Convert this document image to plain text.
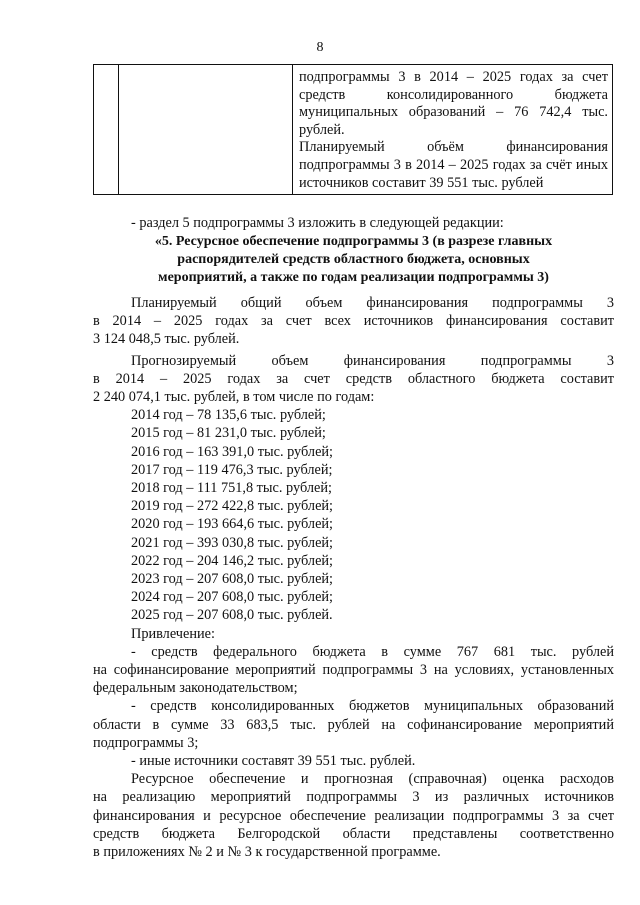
8

подпрограммы 3 в 2014 – 2025 годах за счет

средств консолидированного бюджета

муниципальных образований – 76 742,4 тыс.

рублей.

Планируемый объём финансирования

подпрограммы 3 в 2014 – 2025 годах за счёт иных

источников составит 39 551 тыс. рублей

- раздел 5 подпрограммы 3 изложить в следующей редакции:
«5. Ресурсное обеспечение подпрограммы 3 (в разрезе главных
распорядителей средств областного бюджета, основных
мероприятий, а также по годам реализации подпрограммы 3)

Планируемый общий объем финансирования подпрограммы 3

в 2014 – 2025 годах за счет всех источников финансирования составит

3 124 048,5 тыс. рублей.

Прогнозируемый объем финансирования подпрограммы 3

в 2014 – 2025 годах за счет средств областного бюджета составит

2 240 074,1 тыс. рублей, в том числе по годам:

2014 год – 78 135,6 тыс. рублей;

2015 год – 81 231,0 тыс. рублей;

2016 год – 163 391,0 тыс. рублей;

2017 год – 119 476,3 тыс. рублей;

2018 год – 111 751,8 тыс. рублей;

2019 год – 272 422,8 тыс. рублей;

2020 год – 193 664,6 тыс. рублей;

2021 год – 393 030,8 тыс. рублей;

2022 год – 204 146,2 тыс. рублей;

2023 год – 207 608,0 тыс. рублей;

2024 год – 207 608,0 тыс. рублей;

2025 год – 207 608,0 тыс. рублей.

Привлечение:

- средств федерального бюджета в сумме 767 681 тыс. рублей

на софинансирование мероприятий подпрограммы 3 на условиях, установленных

федеральным законодательством;

- средств консолидированных бюджетов муниципальных образований

области в сумме 33 683,5 тыс. рублей на софинансирование мероприятий

подпрограммы 3;

- иные источники составят 39 551 тыс. рублей.

Ресурсное обеспечение и прогнозная (справочная) оценка расходов

на реализацию мероприятий подпрограммы 3 из различных источников

финансирования и ресурсное обеспечение реализации подпрограммы 3 за счет

средств бюджета Белгородской области представлены соответственно

в приложениях № 2 и № 3 к государственной программе.
